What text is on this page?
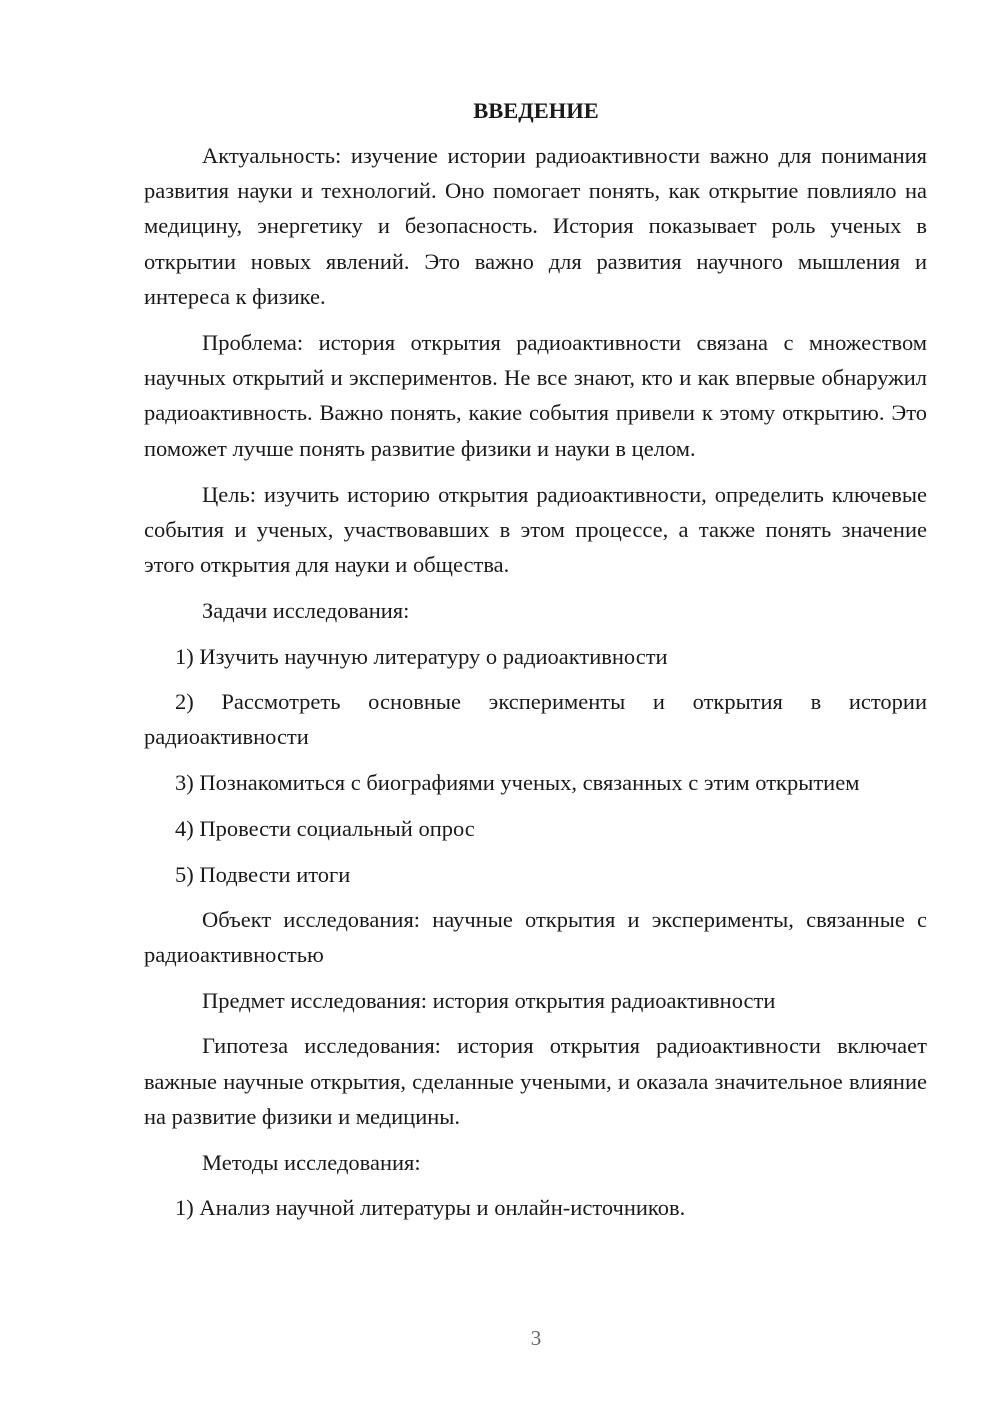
ВВЕДЕНИЕ

Актуальность: изучение истории радиоактивности важно для понимания развития науки и технологий. Оно помогает понять, как открытие повлияло на медицину, энергетику и безопасность. История показывает роль ученых в открытии новых явлений. Это важно для развития научного мышления и интереса к физике.

Проблема: история открытия радиоактивности связана с множеством научных открытий и экспериментов. Не все знают, кто и как впервые обнаружил радиоактивность. Важно понять, какие события привели к этому открытию. Это поможет лучше понять развитие физики и науки в целом.

Цель: изучить историю открытия радиоактивности, определить ключевые события и ученых, участвовавших в этом процессе, а также понять значение этого открытия для науки и общества.

Задачи исследования:

1) Изучить научную литературу о радиоактивности

2) Рассмотреть основные эксперименты и открытия в истории радиоактивности

3) Познакомиться с биографиями ученых, связанных с этим открытием

4) Провести социальный опрос

5) Подвести итоги

Объект исследования: научные открытия и эксперименты, связанные с радиоактивностью

Предмет исследования: история открытия радиоактивности

Гипотеза исследования: история открытия радиоактивности включает важные научные открытия, сделанные учеными, и оказала значительное влияние на развитие физики и медицины.

Методы исследования:

1) Анализ научной литературы и онлайн-источников.

3
